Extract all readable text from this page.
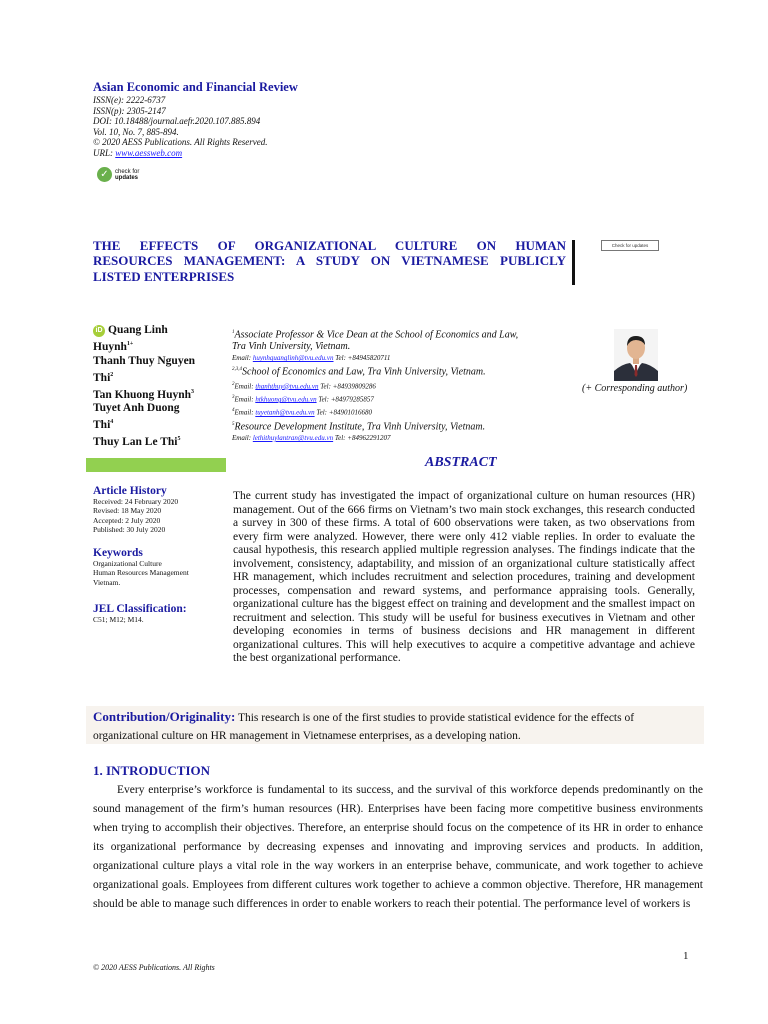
Asian Economic and Financial Review
ISSN(e): 2222-6737
ISSN(p): 2305-2147
DOI: 10.18488/journal.aefr.2020.107.885.894
Vol. 10, No. 7, 885-894.
© 2020 AESS Publications. All Rights Reserved.
URL: www.aessweb.com
✓	check for
updates
THE EFFECTS OF ORGANIZATIONAL CULTURE ON HUMAN
RESOURCES MANAGEMENT: A STUDY ON VIETNAMESE PUBLICLY
LISTED ENTERPRISES
Check for updates
iD Quang Linh
Huynh$^{1+}$
Thanh Thuy Nguyen
Thi$^2$
Tan Khuong Huynh$^3$
Tuyet Anh Duong
Thi$^4$
Thuy Lan Le Thi$^5$
$^1$Associate Professor & Vice Dean at the School of Economics and Law,
Tra Vinh University, Vietnam.
Email: huynhquanglinh@tvu.edu.vn Tel: +84945820711
$^{2,3,4}$School of Economics and Law, Tra Vinh University, Vietnam.
$^2$Email: thanhthuy@tvu.edu.vn Tel: +84939809286
$^3$Email: htkhuong@tvu.edu.vn Tel: +84979285857
$^4$Email: tuyetanh@tvu.edu.vn Tel: +84901016680
$^5$Resource Development Institute, Tra Vinh University, Vietnam.
Email: lethithuylantran@tvu.edu.vn Tel: +84962291207
(+ Corresponding author)
ABSTRACT
Article History
Received: 24 February 2020
Revised: 18 May 2020
Accepted: 2 July 2020
Published: 30 July 2020
Keywords
Organizational Culture
Human Resources Management
Vietnam.
JEL Classification:
C51; M12; M14.
The current study has investigated the impact of organizational culture on human resources (HR) management. Out of the 666 firms on Vietnam’s two main stock exchanges, this research conducted a survey in 300 of these firms. A total of 600 observations were taken, as two observations from every firm were analyzed. However, there were only 412 viable replies. In order to evaluate the causal hypothesis, this research applied multiple regression analyses. The findings indicate that the involvement, consistency, adaptability, and mission of an organizational culture statistically affect HR management, which includes recruitment and selection procedures, training and development processes, compensation and reward systems, and performance appraising tools. Generally, organizational culture has the biggest effect on training and development and the smallest impact on recruitment and selection. This study will be useful for business executives in Vietnam and other developing economies in terms of business decisions and HR management in different organizational cultures. This will help executives to acquire a competitive advantage and achieve the best organizational performance.
Contribution/Originality: This research is one of the first studies to provide statistical evidence for the effects of organizational culture on HR management in Vietnamese enterprises, as a developing nation.
1. INTRODUCTION
Every enterprise’s workforce is fundamental to its success, and the survival of this workforce depends predominantly on the sound management of the firm’s human resources (HR). Enterprises have been facing more competitive business environments when trying to accomplish their objectives. Therefore, an enterprise should focus on the competence of its HR in order to enhance its organizational performance by decreasing expenses and innovating and improving services and products. In addition, organizational culture plays a vital role in the way workers in an enterprise behave, communicate, and work together to achieve organizational goals. Employees from different cultures work together to achieve a common objective. Therefore, HR management should be able to manage such differences in order to enable workers to reach their potential. The performance level of workers is
© 2020 AESS Publications. All Rights
1
